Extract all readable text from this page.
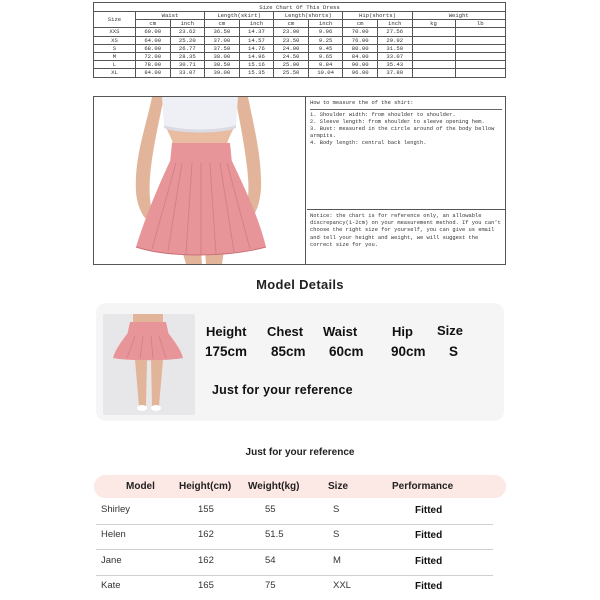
Size Chart Of This Dress										
Size	Waist		Length(skirt)		Length(shorts)		Hip(shorts)		Weight	
	cm	inch	cm	inch	cm	inch	cm	inch	kg	lb
XXS	60.00	23.62	36.50	14.37	23.00	9.06	70.00	27.56		
XS	64.00	25.20	37.00	14.57	23.50	9.25	76.00	29.92		
S	68.00	26.77	37.50	14.76	24.00	9.45	80.00	31.50		
M	72.00	28.35	38.00	14.96	24.50	9.65	84.00	33.07		
L	78.00	30.71	38.50	15.16	25.00	9.84	90.00	35.43		
XL	84.00	33.07	39.00	15.35	25.50	10.04	96.00	37.80		

How to measure the of the shirt:

1. Shoulder width: from shoulder to shoulder.

2. Sleeve length: from shoulder to sleeve opening hem.

3. Bust: measured in the circle around of the body bellow armpits.

4. Body length: central back length.

Notice: the chart is for reference only, an allowable discrepancy(1-2cm) on your measurement method. If you can't choose the right size for yourself, you can give us email and tell your height and weight, we will suggest the correct size for you.
Model Details
Height Chest Waist	Hip Size
175cm 85cm 60cm 90cm S
Just for your reference
Just for your reference
Model Height(cm) Weight(kg)	Size	Performance
Shirley	155	55	S	Fitted
Helen	162	51.5	S	Fitted
Jane	162	54	M	Fitted
Kate	165	75	XXL	Fitted
